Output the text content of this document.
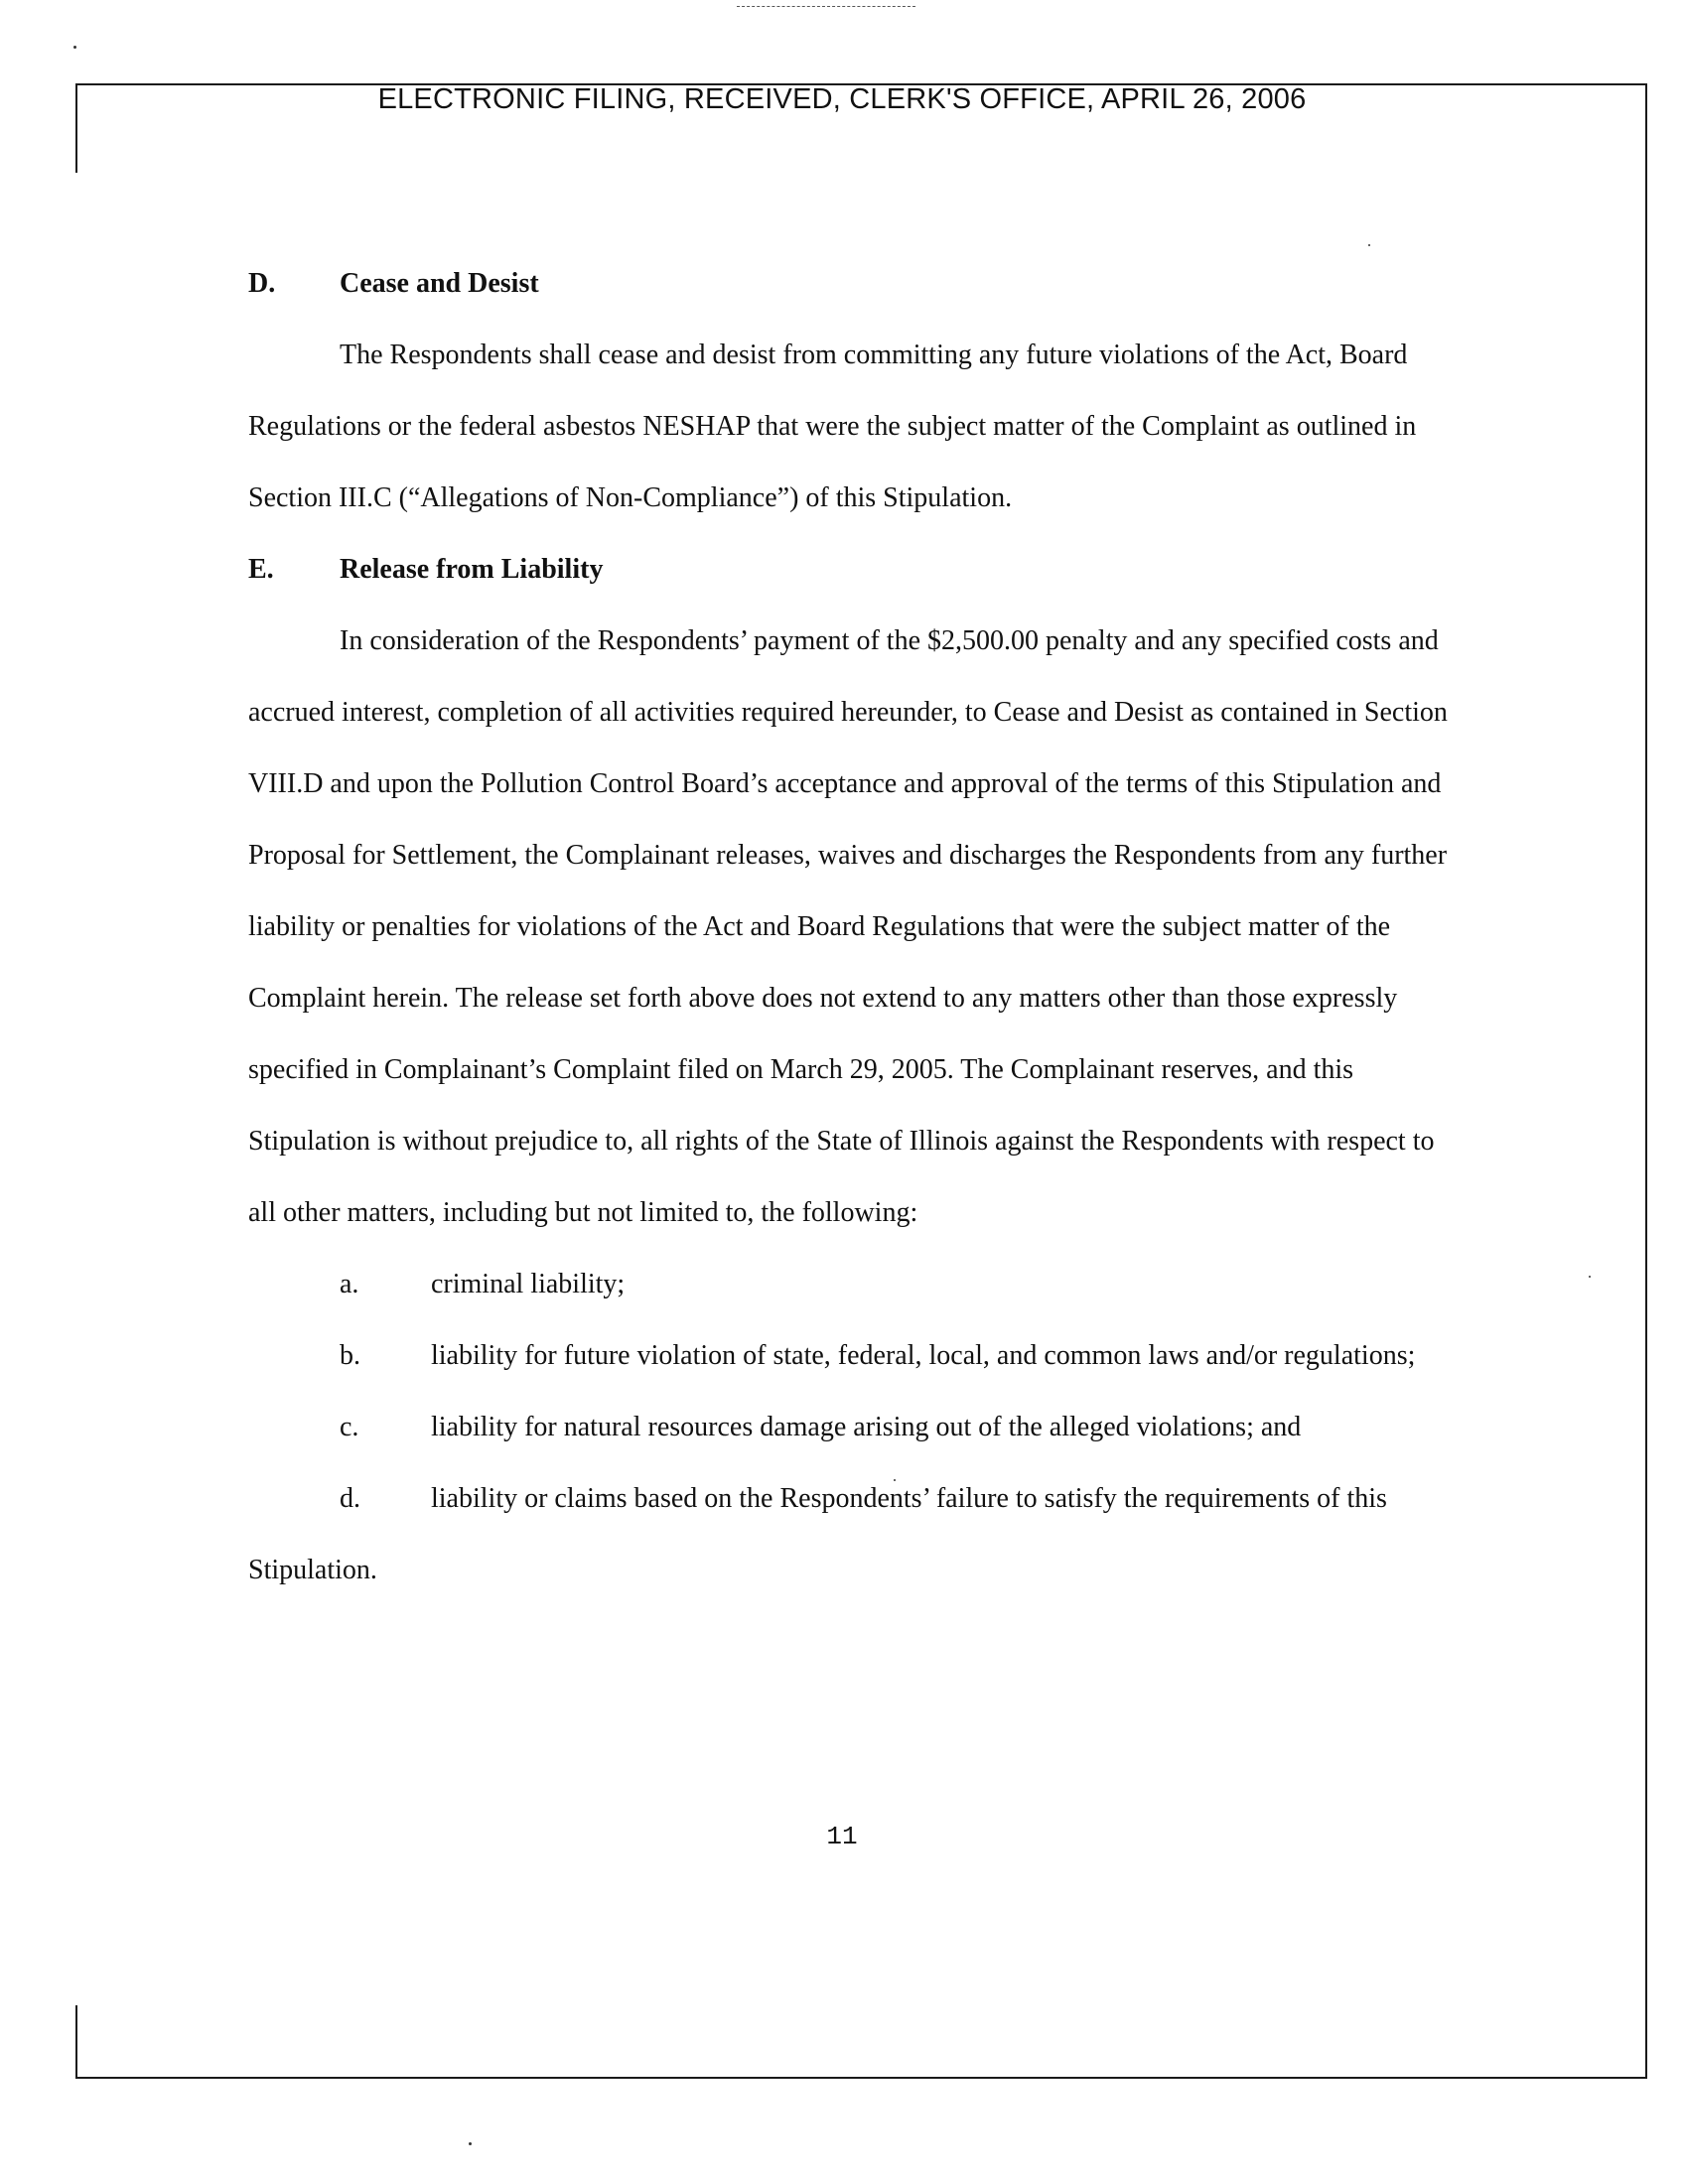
ELECTRONIC FILING, RECEIVED, CLERK'S OFFICE, APRIL 26, 2006
D.	Cease and Desist

The Respondents shall cease and desist from committing any future violations of the Act, Board Regulations or the federal asbestos NESHAP that were the subject matter of the Complaint as outlined in Section III.C (“Allegations of Non-Compliance”) of this Stipulation.

E.	Release from Liability

In consideration of the Respondents’ payment of the $2,500.00 penalty and any specified costs and accrued interest, completion of all activities required hereunder, to Cease and Desist as contained in Section VIII.D and upon the Pollution Control Board’s acceptance and approval of the terms of this Stipulation and Proposal for Settlement, the Complainant releases, waives and discharges the Respondents from any further liability or penalties for violations of the Act and Board Regulations that were the subject matter of the Complaint herein. The release set forth above does not extend to any matters other than those expressly specified in Complainant’s Complaint filed on March 29, 2005. The Complainant reserves, and this Stipulation is without prejudice to, all rights of the State of Illinois against the Respondents with respect to all other matters, including but not limited to, the following:

a.	criminal liability;

b.	liability for future violation of state, federal, local, and common laws and/or regulations;

c.	liability for natural resources damage arising out of the alleged violations; and

d.	liability or claims based on the Respondents’ failure to satisfy the requirements of this Stipulation.

11
